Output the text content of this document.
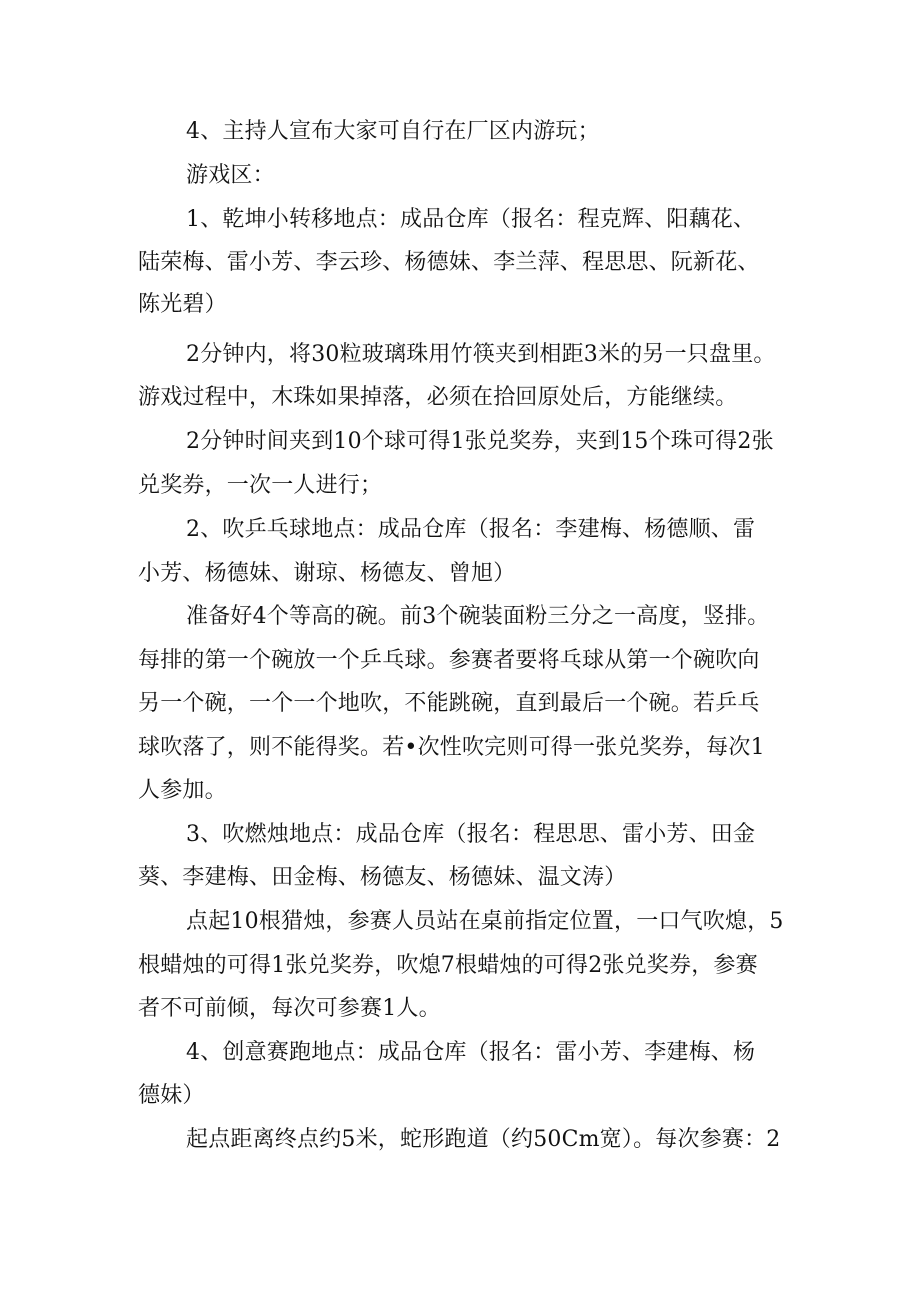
4、主持人宣布大家可自行在厂区内游玩；
游戏区：
1、乾坤小转移地点：成品仓库（报名：程克辉、阳藕花、
陆荣梅、雷小芳、李云珍、杨德妹、李兰萍、程思思、阮新花、
陈光碧）
2分钟内，将30粒玻璃珠用竹筷夹到相距3米的另一只盘里。
游戏过程中，木珠如果掉落，必须在拾回原处后，方能继续。
2分钟时间夹到10个球可得1张兑奖券，夹到15个珠可得2张
兑奖券，一次一人进行；
2、吹乒乓球地点：成品仓库（报名：李建梅、杨德顺、雷
小芳、杨德妹、谢琼、杨德友、曾旭）
准备好4个等高的碗。前3个碗装面粉三分之一高度，竖排。
每排的第一个碗放一个乒乓球。参赛者要将乓球从第一个碗吹向
另一个碗，一个一个地吹，不能跳碗，直到最后一个碗。若乒乓
球吹落了，则不能得奖。若•次性吹完则可得一张兑奖券，每次1
人参加。
3、吹燃烛地点：成品仓库（报名：程思思、雷小芳、田金
葵、李建梅、田金梅、杨德友、杨德妹、温文涛）
点起10根猎烛，参赛人员站在桌前指定位置，一口气吹熄，5
根蜡烛的可得1张兑奖券，吹熄7根蜡烛的可得2张兑奖券，参赛
者不可前倾，每次可参赛1人。
4、创意赛跑地点：成品仓库（报名：雷小芳、李建梅、杨
德妹）
起点距离终点约5米，蛇形跑道（约50Cm宽）。每次参赛：2
